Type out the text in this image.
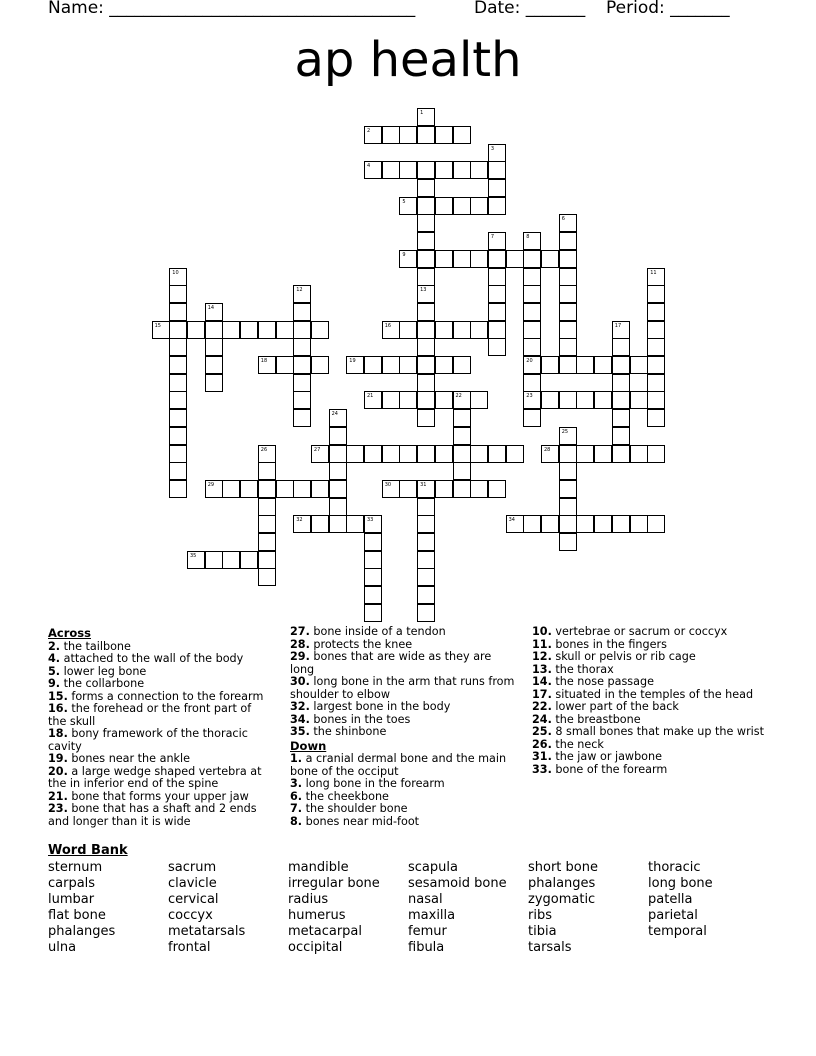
Name: ____________________________________	Date: _______ Period: _______
ap health
1
2
3
4
5
6
7	8
9
10	11
12	13
14
15	16	17
18	19	20
21	22	23
24
25
26	27	28
29	30	31
32	33	34
35
Across
2. the tailbone
4. attached to the wall of the body
5. lower leg bone
9. the collarbone
15. forms a connection to the forearm
16. the forehead or the front part of the skull
18. bony framework of the thoracic cavity
19. bones near the ankle
20. a large wedge shaped vertebra at the in inferior end of the spine
21. bone that forms your upper jaw
23. bone that has a shaft and 2 ends and longer than it is wide
27. bone inside of a tendon
28. protects the knee
29. bones that are wide as they are long
30. long bone in the arm that runs from shoulder to elbow
32. largest bone in the body
34. bones in the toes
35. the shinbone
Down
1. a cranial dermal bone and the main bone of the occiput
3. long bone in the forearm
6. the cheekbone
7. the shoulder bone
8. bones near mid-foot
10. vertebrae or sacrum or coccyx
11. bones in the fingers
12. skull or pelvis or rib cage
13. the thorax
14. the nose passage
17. situated in the temples of the head
22. lower part of the back
24. the breastbone
25. 8 small bones that make up the wrist
26. the neck
31. the jaw or jawbone
33. bone of the forearm
Word Bank
sternum
carpals
lumbar
flat bone
phalanges
ulna
sacrum
clavicle
cervical
coccyx
metatarsals
frontal
mandible
irregular bone
radius
humerus
metacarpal
occipital
scapula
sesamoid bone
nasal
maxilla
femur
fibula
short bone
phalanges
zygomatic
ribs
tibia
tarsals
thoracic
long bone
patella
parietal
temporal
